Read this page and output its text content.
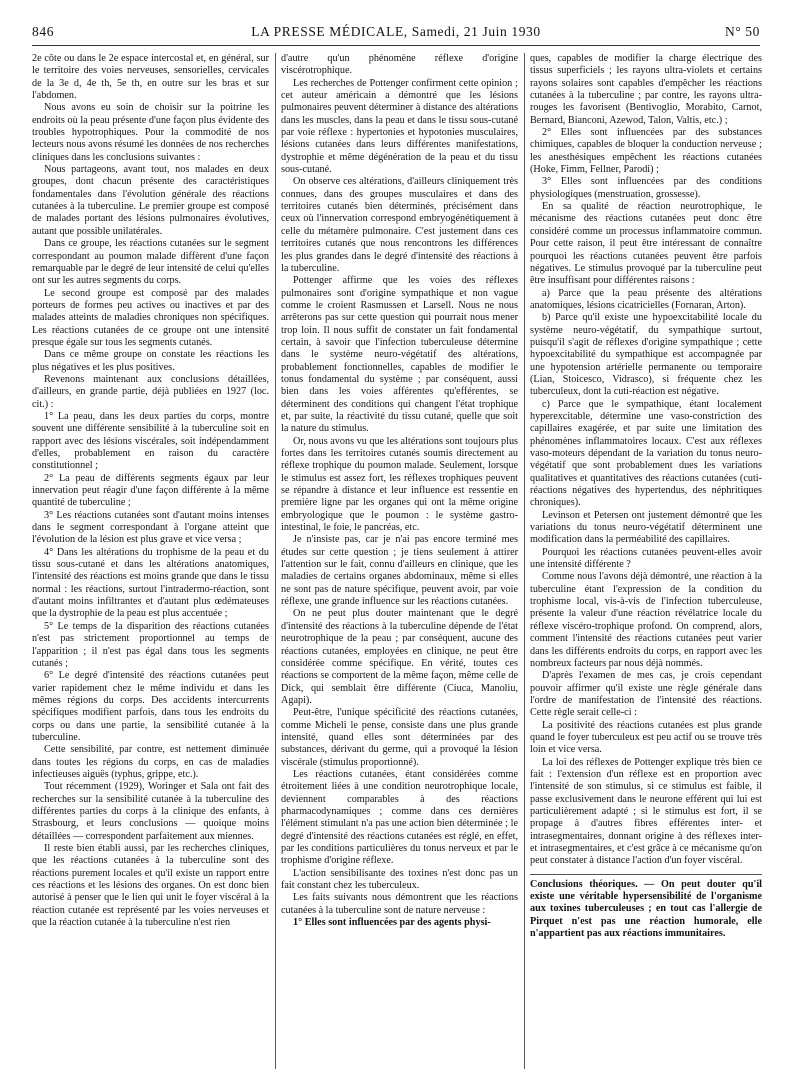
846	LA PRESSE MÉDICALE, Samedi, 21 Juin 1930	N° 50

2e côte ou dans le 2e espace intercostal et, en général, sur le territoire des voies nerveuses, sensorielles, cervicales de la 3e d, 4e th, 5e th, en outre sur les bras et sur l'abdomen.

Nous avons eu soin de choisir sur la poitrine les endroits où la peau présente d'une façon plus évidente des troubles hypotrophiques. Pour la commodité de nos lecteurs nous avons résumé les données de nos recherches cliniques dans les conclusions suivantes :

Nous partageons, avant tout, nos malades en deux groupes, dont chacun présente des caractéristiques fondamentales dans l'évolution générale des réactions cutanées à la tuberculine. Le premier groupe est composé de malades portant des lésions pulmonaires évolutives, autant que possible unilatérales.

Dans ce groupe, les réactions cutanées sur le segment correspondant au poumon malade diffèrent d'une façon remarquable par le degré de leur intensité de celui qu'elles ont sur les autres segments du corps.

Le second groupe est composé par des malades porteurs de formes peu actives ou inactives et par des malades atteints de maladies chroniques non spécifiques. Les réactions cutanées de ce groupe ont une intensité presque égale sur tous les segments cutanés.

Dans ce même groupe on constate les réactions les plus négatives et les plus positives.

Revenons maintenant aux conclusions détaillées, d'ailleurs, en grande partie, déjà publiées en 1927 (loc. cit.) :

1° La peau, dans les deux parties du corps, montre souvent une différente sensibilité à la tuberculine soit en rapport avec des lésions viscérales, soit indépendamment d'elles, probablement en raison du caractère constitutionnel ;

2° La peau de différents segments égaux par leur innervation peut réagir d'une façon différente à la même quantité de tuberculine ;

3° Les réactions cutanées sont d'autant moins intenses dans le segment correspondant à l'organe atteint que l'évolution de la lésion est plus grave et vice versa ;

4° Dans les altérations du trophisme de la peau et du tissu sous-cutané et dans les altérations anatomiques, l'intensité des réactions est moins grande que dans le tissu normal : les réactions, surtout l'intradermo-réaction, sont d'autant moins infiltrantes et d'autant plus œdémateuses que la dystrophie de la peau est plus accentuée ;

5° Le temps de la disparition des réactions cutanées n'est pas strictement proportionnel au temps de l'apparition ; il n'est pas égal dans tous les segments cutanés ;

6° Le degré d'intensité des réactions cutanées peut varier rapidement chez le même individu et dans les mêmes régions du corps. Des accidents intercurrents spécifiques modifient parfois, dans tous les endroits du corps ou dans une partie, la sensibilité cutanée à la tuberculine.

Cette sensibilité, par contre, est nettement diminuée dans toutes les régions du corps, en cas de maladies infectieuses aiguës (typhus, grippe, etc.).

Tout récemment (1929), Woringer et Sala ont fait des recherches sur la sensibilité cutanée à la tuberculine des différentes parties du corps à la clinique des enfants, à Strasbourg, et leurs conclusions — quoique moins détaillées — correspondent parfaitement aux miennes.

Il reste bien établi aussi, par les recherches cliniques, que les réactions cutanées à la tuberculine sont des réactions purement locales et qu'il existe un rapport entre ces réactions et les lésions des organes. On est donc bien autorisé à penser que le lien qui unit le foyer viscéral à la réaction cutanée est représenté par les voies nerveuses et que la réaction cutanée à la tuberculine n'est rien

d'autre qu'un phénomène réflexe d'origine viscérotrophique.

Les recherches de Pottenger confirment cette opinion ; cet auteur américain a démontré que les lésions pulmonaires peuvent déterminer à distance des altérations dans les muscles, dans la peau et dans le tissu sous-cutané par voie réflexe : hypertonies et hypotonies musculaires, lésions cutanées dans leurs différentes manifestations, dystrophie et même dégénération de la peau et du tissu sous-cutané.

On observe ces altérations, d'ailleurs cliniquement très connues, dans des groupes musculaires et dans des territoires cutanés bien déterminés, précisément dans ceux où l'innervation correspond embryogénétiquement à celle du métamère pulmonaire. C'est justement dans ces territoires cutanés que nous rencontrons les différences les plus grandes dans le degré d'intensité des réactions à la tuberculine.

Pottenger affirme que les voies des réflexes pulmonaires sont d'origine sympathique et non vague comme le croient Rasmussen et Larsell. Nous ne nous arrêterons pas sur cette question qui pourrait nous mener trop loin. Il nous suffit de constater un fait fondamental certain, à savoir que l'infection tuberculeuse détermine dans le système neuro-végétatif des altérations, probablement fonctionnelles, capables de modifier le tonus fondamental du système ; par conséquent, aussi bien dans les voies afférentes qu'efférentes, se déterminent des conditions qui changent l'état trophique et, par suite, la réactivité du tissu cutané, quelle que soit la nature du stimulus.

Or, nous avons vu que les altérations sont toujours plus fortes dans les territoires cutanés soumis directement au réflexe trophique du poumon malade. Seulement, lorsque le stimulus est assez fort, les réflexes trophiques peuvent se répandre à distance et leur influence est ressentie en première ligne par les organes qui ont la même origine embryologique que le poumon : le système gastro-intestinal, le foie, le pancréas, etc.

Je n'insiste pas, car je n'ai pas encore terminé mes études sur cette question ; je tiens seulement à attirer l'attention sur le fait, connu d'ailleurs en clinique, que les maladies de certains organes abdominaux, même si elles ne sont pas de nature spécifique, peuvent avoir, par voie réflexe, une grande influence sur les réactions cutanées.

On ne peut plus douter maintenant que le degré d'intensité des réactions à la tuberculine dépende de l'état neurotrophique de la peau ; par conséquent, aucune des réactions cutanées, employées en clinique, ne peut être considérée comme spécifique. En vérité, toutes ces réactions se comportent de la même façon, même celle de Dick, qui semblait être différente (Ciuca, Manoliu, Agapi).

Peut-être, l'unique spécificité des réactions cutanées, comme Micheli le pense, consiste dans une plus grande intensité, quand elles sont déterminées par des substances, dérivant du germe, qui a provoqué la lésion viscérale (stimulus proportionné).

Les réactions cutanées, étant considérées comme étroitement liées à une condition neurotrophique locale, deviennent comparables à des réactions pharmacodynamiques ; comme dans ces dernières l'élément stimulant n'a pas une action bien déterminée ; le degré d'intensité des réactions cutanées est réglé, en effet, par les conditions particulières du tonus nerveux et par le trophisme d'origine réflexe.

L'action sensibilisante des toxines n'est donc pas un fait constant chez les tuberculeux.

Les faits suivants nous démontrent que les réactions cutanées à la tuberculine sont de nature nerveuse :

1° Elles sont influencées par des agents physi-

ques, capables de modifier la charge électrique des tissus superficiels ; les rayons ultra-violets et certains rayons solaires sont capables d'empêcher les réactions cutanées à la tuberculine ; par contre, les rayons ultra-rouges les favorisent (Bentivoglio, Morabito, Carnot, Bernard, Bianconi, Azewod, Talon, Valtis, etc.) ;

2° Elles sont influencées par des substances chimiques, capables de bloquer la conduction nerveuse ; les anesthésiques empêchent les réactions cutanées (Hoke, Fimm, Fellner, Parodi) ;

3° Elles sont influencées par des conditions physiologiques (menstruation, grossesse).

En sa qualité de réaction neurotrophique, le mécanisme des réactions cutanées peut donc être considéré comme un processus inflammatoire commun. Pour cette raison, il peut être intéressant de connaître pourquoi les réactions cutanées peuvent être parfois négatives. Le stimulus provoqué par la tuberculine peut être insuffisant pour différentes raisons :

a) Parce que la peau présente des altérations anatomiques, lésions cicatricielles (Fornaran, Arton).

b) Parce qu'il existe une hypoexcitabilité locale du système neuro-végétatif, du sympathique surtout, puisqu'il s'agit de réflexes d'origine sympathique ; cette hypoexcitabilité du sympathique est accompagnée par une hypotension artérielle permanente ou temporaire (Lian, Stoicesco, Vidrasco), si fréquente chez les tuberculeux, dont la cuti-réaction est négative.

c) Parce que le sympathique, étant localement hyperexcitable, détermine une vaso-constriction des capillaires exagérée, et par suite une limitation des phénomènes inflammatoires locaux. C'est aux réflexes vaso-moteurs dépendant de la variation du tonus neuro-végétatif que sont probablement dues les variations qualitatives et quantitatives des réactions cutanées (cuti-réactions négatives des hypertendus, des néphritiques chroniques).

Levinson et Petersen ont justement démontré que les variations du tonus neuro-végétatif déterminent une modification dans la perméabilité des capillaires.

Pourquoi les réactions cutanées peuvent-elles avoir une intensité différente ?

Comme nous l'avons déjà démontré, une réaction à la tuberculine étant l'expression de la condition du trophisme local, vis-à-vis de l'infection tuberculeuse, présente la valeur d'une réaction révélatrice locale du réflexe viscéro-trophique profond. On comprend, alors, comment l'intensité des réactions cutanées peut varier dans les différents endroits du corps, en rapport avec les nombreux facteurs par nous déjà nommés.

D'après l'examen de mes cas, je crois cependant pouvoir affirmer qu'il existe une règle générale dans l'ordre de manifestation de l'intensité des réactions. Cette règle serait celle-ci :

La positivité des réactions cutanées est plus grande quand le foyer tuberculeux est peu actif ou se trouve très loin et vice versa.

La loi des réflexes de Pottenger explique très bien ce fait : l'extension d'un réflexe est en proportion avec l'intensité de son stimulus, si ce stimulus est faible, il passe exclusivement dans le neurone efférent qui lui est particulièrement adapté ; si le stimulus est fort, il se propage à d'autres fibres efférentes inter- et intrasegmentaires, donnant origine à des réflexes inter- et intrasegmentaires, et c'est grâce à ce mécanisme qu'on peut constater à distance l'action d'un foyer viscéral.

Conclusions théoriques. — On peut douter qu'il existe une véritable hypersensibilité de l'organisme aux toxines tuberculeuses ; en tout cas l'allergie de Pirquet n'est pas une réaction humorale, elle n'appartient pas aux réactions immunitaires.
